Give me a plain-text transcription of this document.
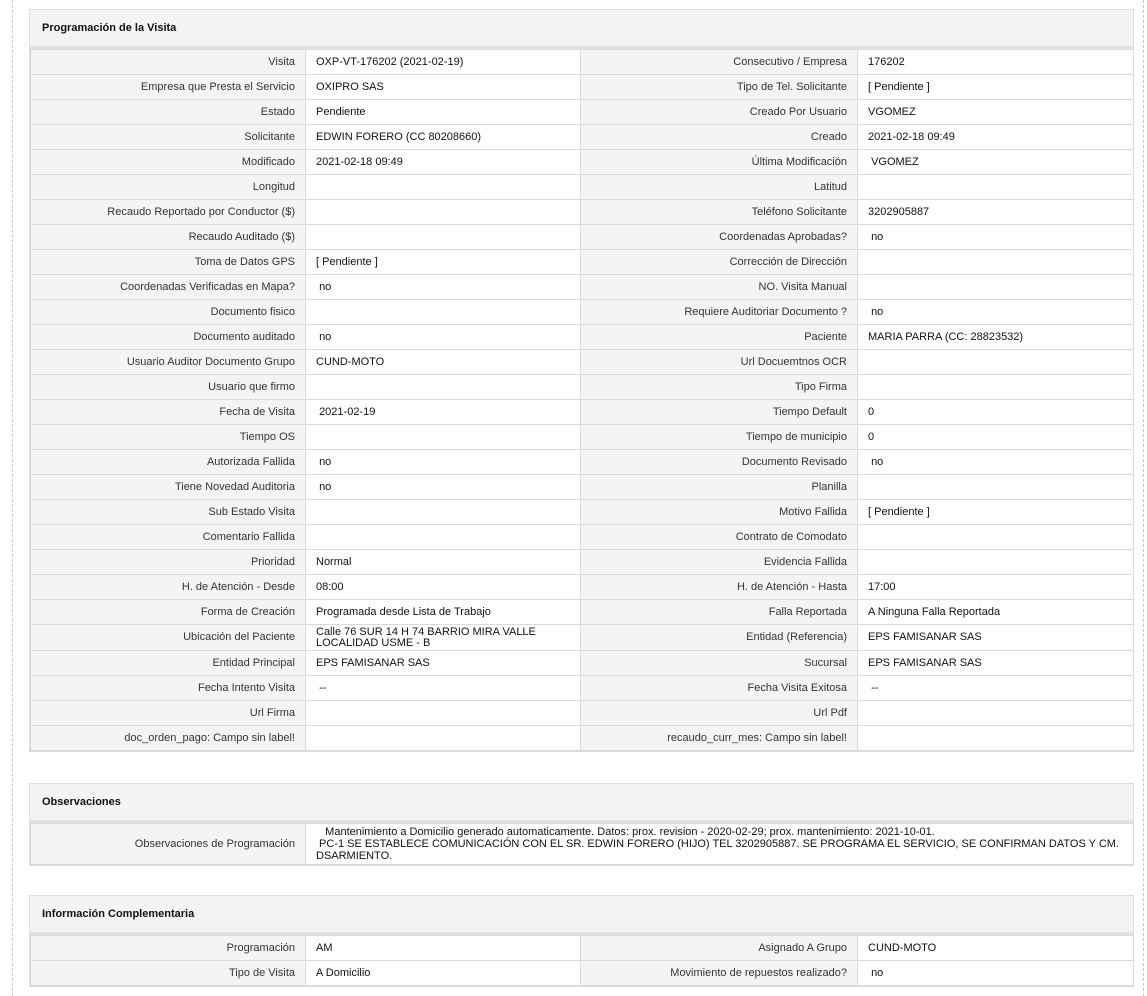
Programación de la Visita
Visita	OXP-VT-176202 (2021-02-19)	Consecutivo / Empresa	176202
Empresa que Presta el Servicio	OXIPRO SAS	Tipo de Tel. Solicitante	[ Pendiente ]
Estado	Pendiente	Creado Por Usuario	VGOMEZ
Solicitante	EDWIN FORERO (CC 80208660)	Creado	2021-02-18 09:49
Modificado	2021-02-18 09:49	Última Modificación	VGOMEZ
Longitud		Latitud	
Recaudo Reportado por Conductor ($)		Teléfono Solicitante	3202905887
Recaudo Auditado ($)		Coordenadas Aprobadas?	no
Toma de Datos GPS	[ Pendiente ]	Corrección de Dirección	
Coordenadas Verificadas en Mapa?	no	NO. Visita Manual	
Documento fisico		Requiere Auditoriar Documento ?	no
Documento auditado	no	Paciente	MARIA PARRA (CC: 28823532)
Usuario Auditor Documento Grupo	CUND-MOTO	Url Docuemtnos OCR	
Usuario que firmo		Tipo Firma	
Fecha de Visita	2021-02-19	Tiempo Default	0
Tiempo OS		Tiempo de municipio	0
Autorizada Fallida	no	Documento Revisado	no
Tiene Novedad Auditoria	no	Planilla	
Sub Estado Visita		Motivo Fallida	[ Pendiente ]
Comentario Fallida		Contrato de Comodato	
Prioridad	Normal	Evidencia Fallida	
H. de Atención - Desde	08:00	H. de Atención - Hasta	17:00
Forma de Creación	Programada desde Lista de Trabajo	Falla Reportada	A Ninguna Falla Reportada
Ubicación del Paciente	Calle 76 SUR 14 H 74 BARRIO MIRA VALLE LOCALIDAD USME - B	Entidad (Referencia)	EPS FAMISANAR SAS
Entidad Principal	EPS FAMISANAR SAS	Sucursal	EPS FAMISANAR SAS
Fecha Intento Visita	--	Fecha Visita Exitosa	--
Url Firma		Url Pdf	
doc_orden_pago: Campo sin label!		recaudo_curr_mes: Campo sin label!	
Observaciones
Observaciones de Programación	
Mantenimiento a Domicilio generado automaticamente. Datos: prox. revision - 2020-02-29; prox. mantenimiento: 2021-10-01.
PC-1 SE ESTABLECE COMUNICACIÓN CON EL SR. EDWIN FORERO (HIJO) TEL 3202905887. SE PROGRAMA EL SERVICIO, SE CONFIRMAN DATOS Y CM.
DSARMIENTO.
Información Complementaria
Programación	AM	Asignado A Grupo	CUND-MOTO
Tipo de Visita	A Domicilio	Movimiento de repuestos realizado?	no
